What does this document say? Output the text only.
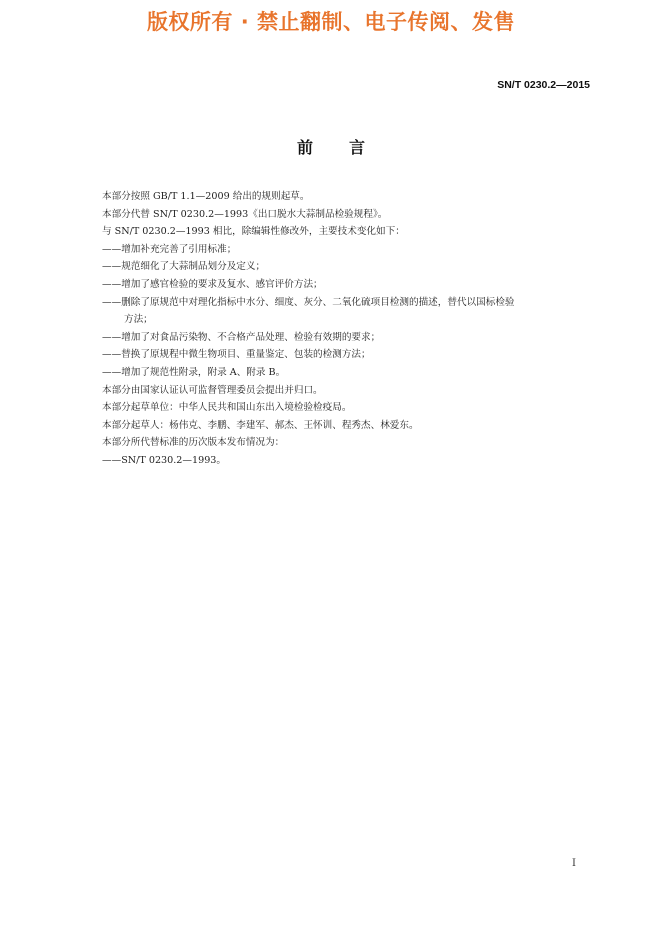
版权所有 · 禁止翻制、电子传阅、发售
SN/T 0230.2—2015
前言
本部分按照 GB/T 1.1—2009 给出的规则起草。
本部分代替 SN/T 0230.2—1993《出口脱水大蒜制品检验规程》。
与 SN/T 0230.2—1993 相比，除编辑性修改外，主要技术变化如下：
——增加补充完善了引用标准；
——规范细化了大蒜制品划分及定义；
——增加了感官检验的要求及复水、感官评价方法；
——删除了原规范中对理化指标中水分、细度、灰分、二氧化硫项目检测的描述，替代以国标检验
方法；
——增加了对食品污染物、不合格产品处理、检验有效期的要求；
——替换了原规程中微生物项目、重量鉴定、包装的检测方法；
——增加了规范性附录，附录 A、附录 B。
本部分由国家认证认可监督管理委员会提出并归口。
本部分起草单位：中华人民共和国山东出入境检验检疫局。
本部分起草人：杨伟克、李鹏、李建军、郝杰、王怀训、程秀杰、林爱东。
本部分所代替标准的历次版本发布情况为：
——SN/T 0230.2—1993。
I
